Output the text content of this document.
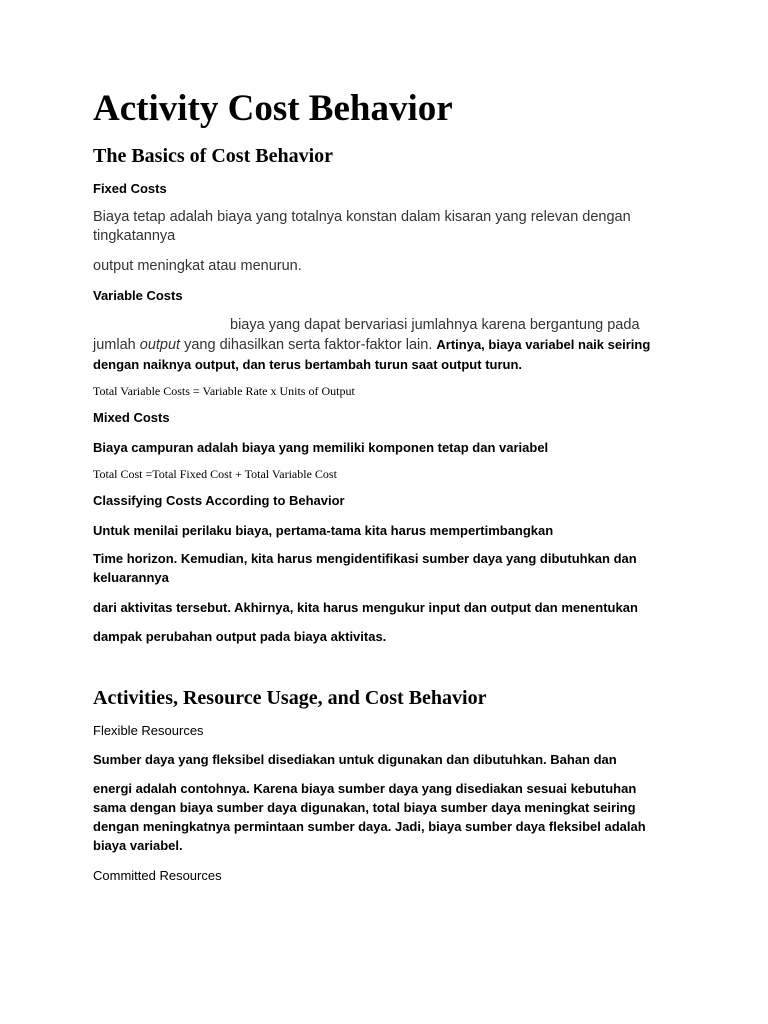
Activity Cost Behavior
The Basics of Cost Behavior
Fixed Costs
Biaya tetap adalah biaya yang totalnya konstan dalam kisaran yang relevan dengan tingkatannya
output meningkat atau menurun.
Variable Costs
biaya yang dapat bervariasi jumlahnya karena bergantung pada
jumlah output yang dihasilkan serta faktor-faktor lain. Artinya, biaya variabel naik seiring dengan naiknya output, dan terus bertambah turun saat output turun.
Total Variable Costs = Variable Rate x Units of Output
Mixed Costs
Biaya campuran adalah biaya yang memiliki komponen tetap dan variabel
Total Cost =Total Fixed Cost + Total Variable Cost
Classifying Costs According to Behavior
Untuk menilai perilaku biaya, pertama-tama kita harus mempertimbangkan
Time horizon. Kemudian, kita harus mengidentifikasi sumber daya yang dibutuhkan dan keluarannya
dari aktivitas tersebut. Akhirnya, kita harus mengukur input dan output dan menentukan
dampak perubahan output pada biaya aktivitas.
Activities, Resource Usage, and Cost Behavior
Flexible Resources
Sumber daya yang fleksibel disediakan untuk digunakan dan dibutuhkan. Bahan dan
energi adalah contohnya. Karena biaya sumber daya yang disediakan sesuai kebutuhan sama dengan biaya sumber daya digunakan, total biaya sumber daya meningkat seiring dengan meningkatnya permintaan sumber daya. Jadi, biaya sumber daya fleksibel adalah biaya variabel.
Committed Resources
